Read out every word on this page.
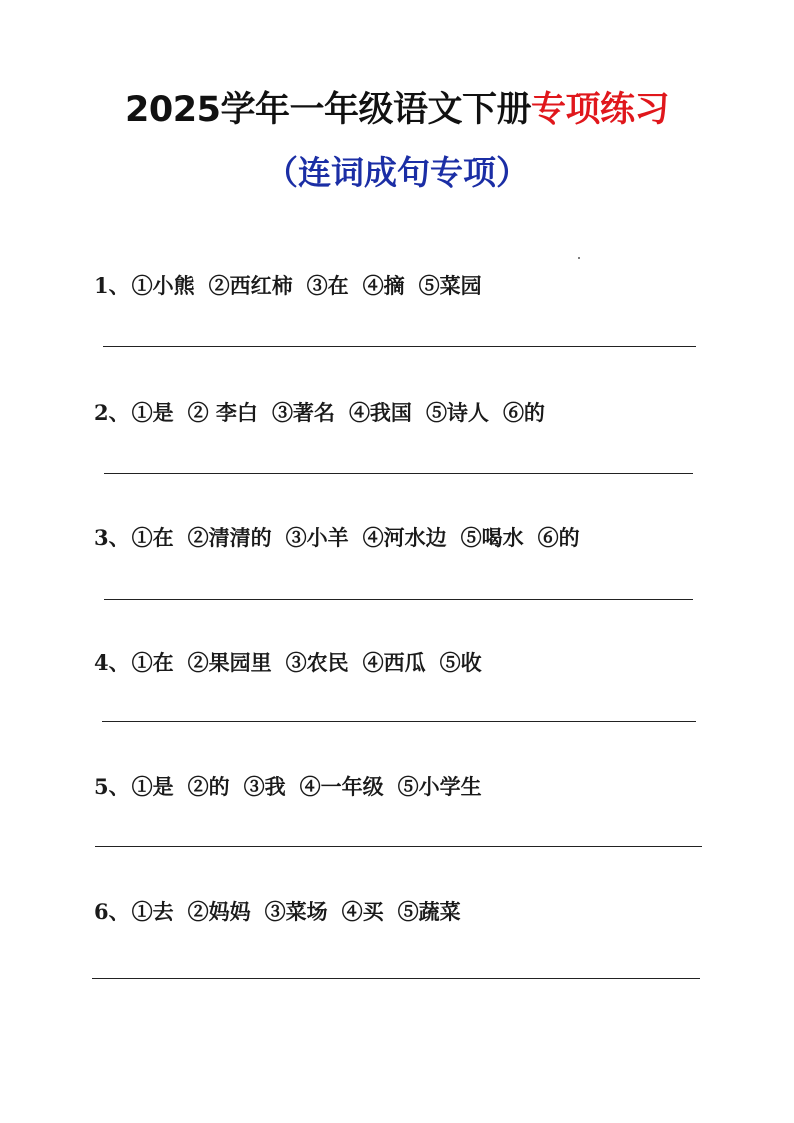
2025学年一年级语文下册专项练习
（连词成句专项）
1、①小熊 ②西红柿 ③在 ④摘 ⑤菜园
2、①是 ② 李白 ③著名 ④我国 ⑤诗人 ⑥的
3、①在 ②清清的 ③小羊 ④河水边 ⑤喝水 ⑥的
4、①在 ②果园里 ③农民 ④西瓜 ⑤收
5、①是 ②的 ③我 ④一年级 ⑤小学生
6、①去 ②妈妈 ③菜场 ④买 ⑤蔬菜
